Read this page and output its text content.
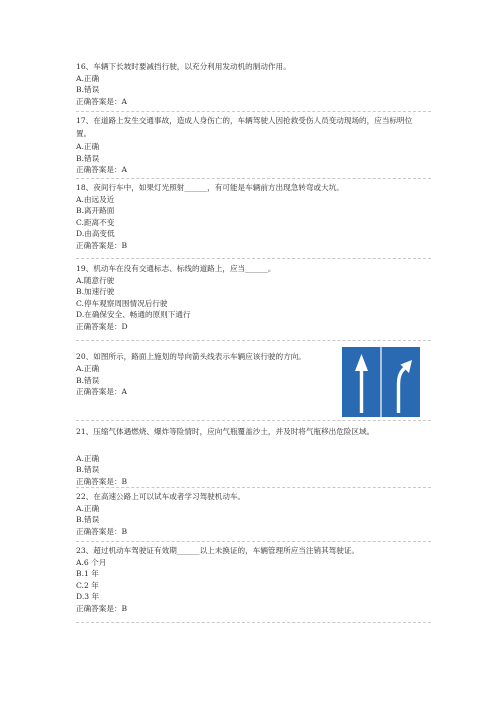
16、车辆下长坡时要减挡行驶，以充分利用发动机的制动作用。
A.正确
B.错误
正确答案是：A
17、在道路上发生交通事故，造成人身伤亡的，车辆驾驶人因抢救受伤人员变动现场的，应当标明位置。
A.正确
B.错误
正确答案是：A
18、夜间行车中，如果灯光照射______，有可能是车辆前方出现急转弯或大坑。
A.由远及近
B.离开路面
C.距离不变
D.由高变低
正确答案是：B
19、机动车在没有交通标志、标线的道路上，应当______。
A.随意行驶
B.加速行驶
C.停车观察周围情况后行驶
D.在确保安全、畅通的原则下通行
正确答案是：D
20、如图所示，路面上施划的导向箭头线表示车辆应该行驶的方向。
A.正确
B.错误
正确答案是：A
21、压缩气体遇燃烧、爆炸等险情时，应向气瓶覆盖沙土，并及时将气瓶移出危险区域。
A.正确
B.错误
正确答案是：B
22、在高速公路上可以试车或者学习驾驶机动车。
A.正确
B.错误
正确答案是：B
23、超过机动车驾驶证有效期______以上未换证的，车辆管理所应当注销其驾驶证。
A.6 个月
B.1 年
C.2 年
D.3 年
正确答案是：B
